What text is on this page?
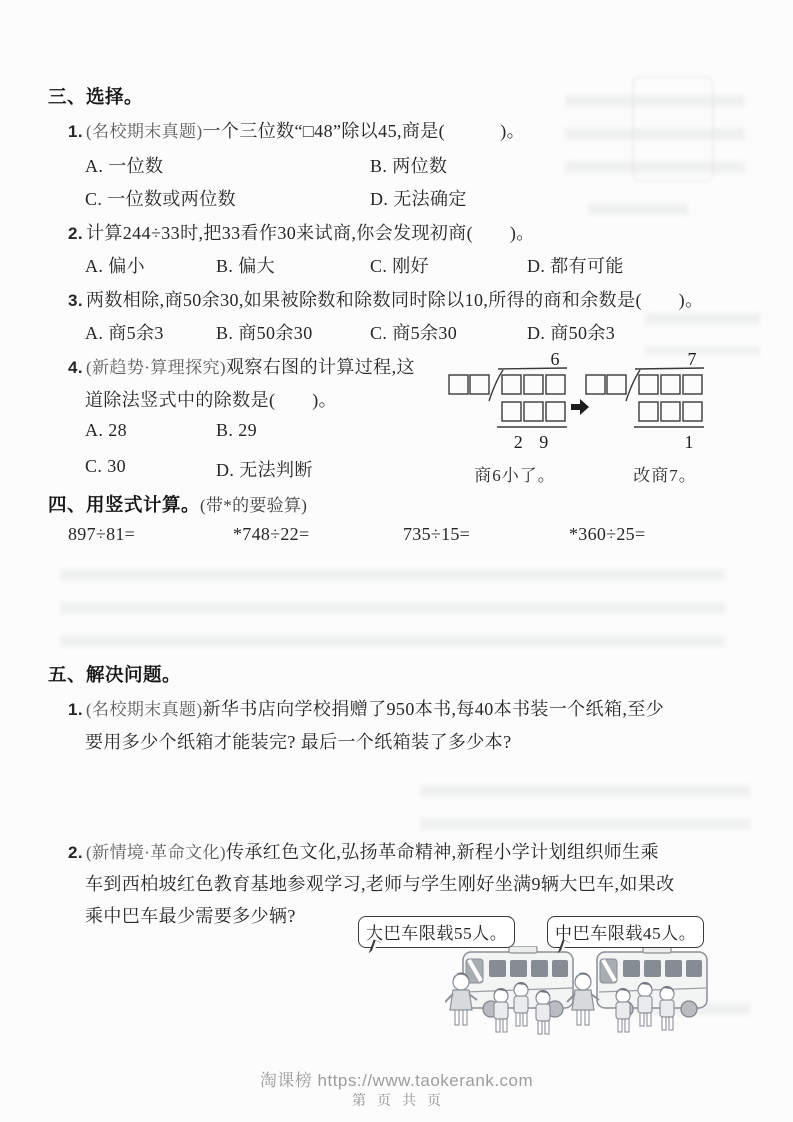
三、选择。
1. (名校期末真题)一个三位数“□48”除以45,商是(　　　)。
A. 一位数	B. 两位数
C. 一位数或两位数	D. 无法确定
2. 计算244÷33时,把33看作30来试商,你会发现初商(　　)。
A. 偏小	B. 偏大	C. 刚好	D. 都有可能
3. 两数相除,商50余30,如果被除数和除数同时除以10,所得的商和余数是(　　)。
A. 商5余3	B. 商50余30	C. 商5余30	D. 商50余3
4. (新趋势·算理探究)观察右图的计算过程,这
道除法竖式中的除数是(　　)。
A. 28	B. 29
C. 30	D. 无法判断
6
2 9
7
1
商6小了。	改商7。
四、用竖式计算。(带*的要验算)
897÷81=	*748÷22=	735÷15=	*360÷25=
五、解决问题。
1. (名校期末真题)新华书店向学校捐赠了950本书,每40本书装一个纸箱,至少
要用多少个纸箱才能装完? 最后一个纸箱装了多少本?
2. (新情境·革命文化)传承红色文化,弘扬革命精神,新程小学计划组织师生乘
车到西柏坡红色教育基地参观学习,老师与学生刚好坐满9辆大巴车,如果改
乘中巴车最少需要多少辆?
大巴车限载55人。	中巴车限载45人。
淘课榜 https://www.taokerank.com
第页共页
